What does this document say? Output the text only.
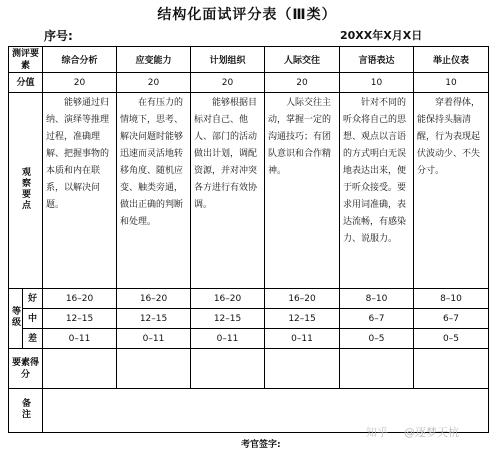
结构化面试评分表（Ⅲ类）
序号:	20XX年X月X日
测评要素		综合分析	应变能力	计划组织	人际交往	言语表达	举止仪表
分值		20	20	20	20	10	10
观察要点		能够通过归纳、演绎等推理过程，准确理解、把握事物的本质和内在联系，以解决问题。	在有压力的情境下，思考、解决问题时能够迅速而灵活地转移角度、随机应变、触类旁通，做出正确的判断和处理。	能够根据目标对自己、他人、部门的活动做出计划，调配资源，并对冲突各方进行有效协调。	人际交往主动，掌握一定的沟通技巧；有团队意识和合作精神。	针对不同的听众将自己的思想、观点以言语的方式明白无误地表达出来，便于听众接受。要求用词准确，表达流畅，有感染力、说服力。	穿着得体，能保持头脑清醒，行为表现起伏波动少、不失分寸。
等级	好	16–20	16–20	16–20	16–20	8–10	8–10
	中	12–15	12–15	12–15	12–15	6–7	6–7
	差	0–11	0–11	0–11	0–11	0–5	0–5
要素得分							
备注							
考官签字:
知乎	@逐梦天杭
